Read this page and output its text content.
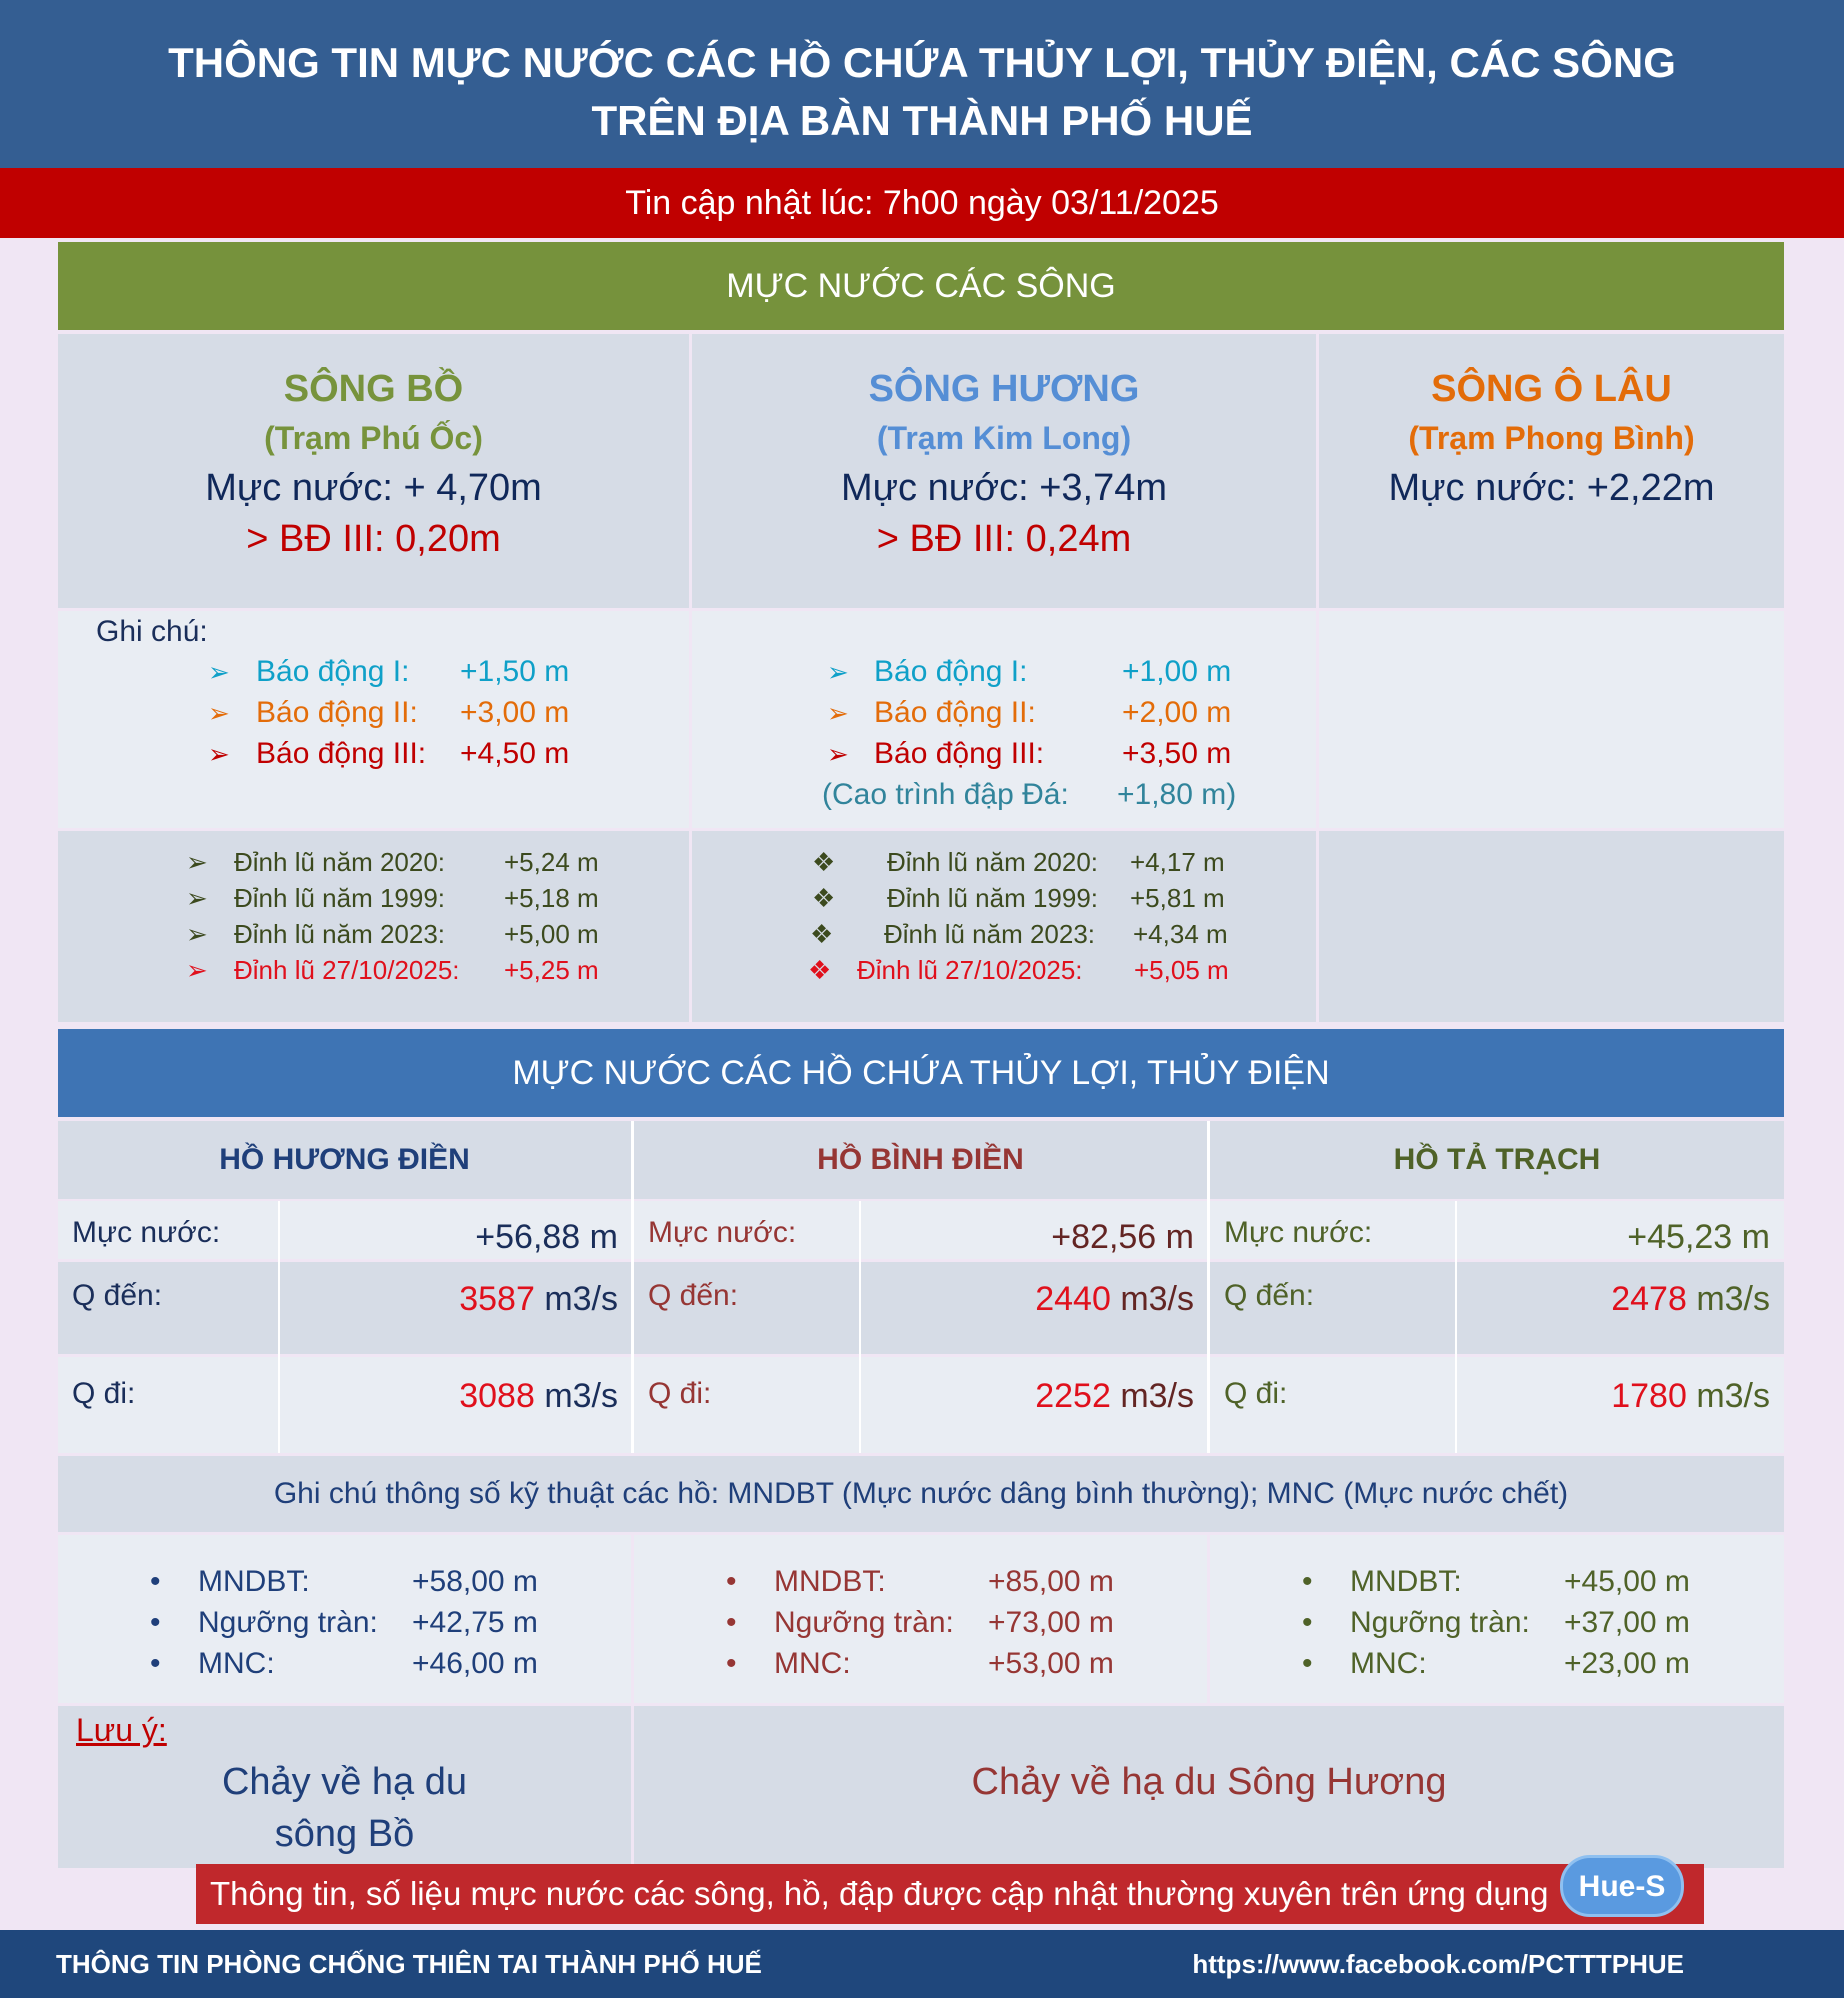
THÔNG TIN MỰC NƯỚC CÁC HỒ CHỨA THỦY LỢI, THỦY ĐIỆN, CÁC SÔNG
TRÊN ĐỊA BÀN THÀNH PHỐ HUẾ
Tin cập nhật lúc: 7h00 ngày 03/11/2025
MỰC NƯỚC CÁC SÔNG
SÔNG BỒ
(Trạm Phú Ốc)
Mực nước: + 4,70m
> BĐ III: 0,20m
SÔNG HƯƠNG
(Trạm Kim Long)
Mực nước: +3,74m
> BĐ III: 0,24m
SÔNG Ô LÂU
(Trạm Phong Bình)
Mực nước: +2,22m
Ghi chú:
➢ Báo động I: +1,50 m
➢ Báo động II: +3,00 m
➢ Báo động III: +4,50 m
➢ Báo động I:	+1,00 m
➢ Báo động II:	+2,00 m
➢ Báo động III:	+3,50 m
(Cao trình đập Đá: +1,80 m)
➢ Đỉnh lũ năm 2020: +5,24 m
➢ Đỉnh lũ năm 1999: +5,18 m
➢ Đỉnh lũ năm 2023: +5,00 m
➢ Đỉnh lũ 27/10/2025: +5,25 m
❖ Đỉnh lũ năm 2020: +4,17 m
❖ Đỉnh lũ năm 1999: +5,81 m
❖ Đỉnh lũ năm 2023: +4,34 m
❖ Đỉnh lũ 27/10/2025: +5,05 m
MỰC NƯỚC CÁC HỒ CHỨA THỦY LỢI, THỦY ĐIỆN
HỒ HƯƠNG ĐIỀN	HỒ BÌNH ĐIỀN	HỒ TẢ TRẠCH
Mực nước:	+56,88 m
Q đến:	3587 m3/s
Q đi:	3088 m3/s
Mực nước:	+82,56 m
Q đến:	2440 m3/s
Q đi:	2252 m3/s
Mực nước:	+45,23 m
Q đến:	2478 m3/s
Q đi:	1780 m3/s
Ghi chú thông số kỹ thuật các hồ: MNDBT (Mực nước dâng bình thường); MNC (Mực nước chết)
• MNDBT:	+58,00 m
• Ngưỡng tràn: +42,75 m
• MNC:	+46,00 m
• MNDBT:	+85,00 m
• Ngưỡng tràn: +73,00 m
• MNC:	+53,00 m
• MNDBT:	+45,00 m
• Ngưỡng tràn: +37,00 m
• MNC:	+23,00 m
Lưu ý:
Chảy về hạ du
sông Bồ
Chảy về hạ du Sông Hương
Thông tin, số liệu mực nước các sông, hồ, đập được cập nhật thường xuyên trên ứng dụng	Hue-S
THÔNG TIN PHÒNG CHỐNG THIÊN TAI THÀNH PHỐ HUẾ	https://www.facebook.com/PCTTTPHUE
